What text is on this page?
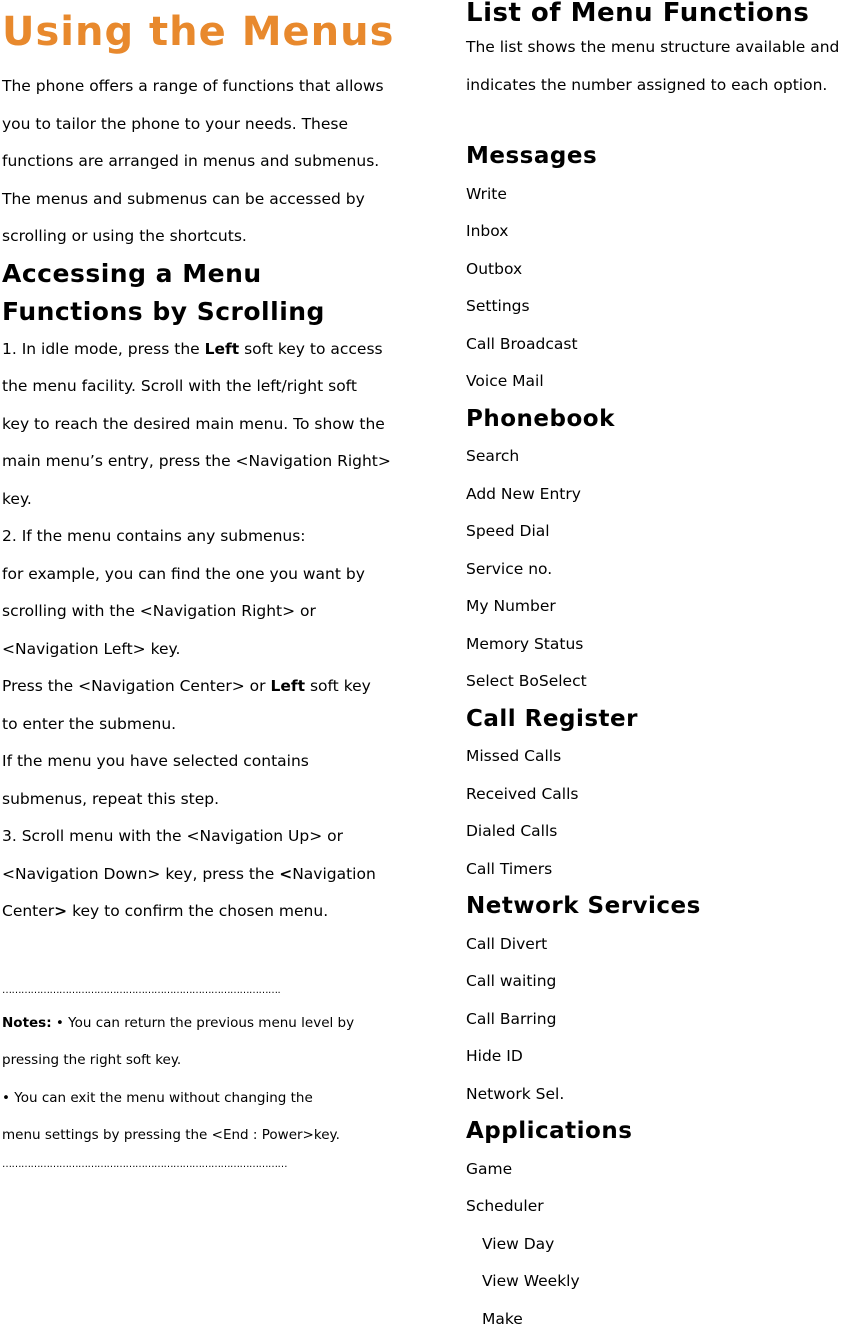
Using the Menus

The phone offers a range of functions that allows

you to tailor the phone to your needs. These

functions are arranged in menus and submenus.

The menus and submenus can be accessed by

scrolling or using the shortcuts.

Accessing a Menu

Functions by Scrolling

1. In idle mode, press the Left soft key to access

the menu facility. Scroll with the left/right soft

key to reach the desired main menu. To show the

main menu’s entry, press the <Navigation Right>

key.

2. If the menu contains any submenus:

for example, you can find the one you want by

scrolling with the <Navigation Right> or

<Navigation Left> key.

Press the <Navigation Center> or Left soft key

to enter the submenu.

If the menu you have selected contains

submenus, repeat this step.

3. Scroll menu with the <Navigation Up> or

<Navigation Down> key, press the <Navigation

Center> key to confirm the chosen menu.

…………………………………………………………………………….

Notes: • You can return the previous menu level by

pressing the right soft key.

• You can exit the menu without changing the

menu settings by pressing the <End : Power>key.

………………………………………………………………………………
List of Menu Functions

The list shows the menu structure available and

indicates the number assigned to each option.

Messages
Write
Inbox
Outbox
Settings
Call Broadcast
Voice Mail
Phonebook
Search
Add New Entry
Speed Dial
Service no.
My Number
Memory Status
Select BoSelect
Call Register
Missed Calls
Received Calls
Dialed Calls
Call Timers
Network Services
Call Divert
Call waiting
Call Barring
Hide ID
Network Sel.
Applications
Game
Scheduler
View Day
View Weekly
Make
